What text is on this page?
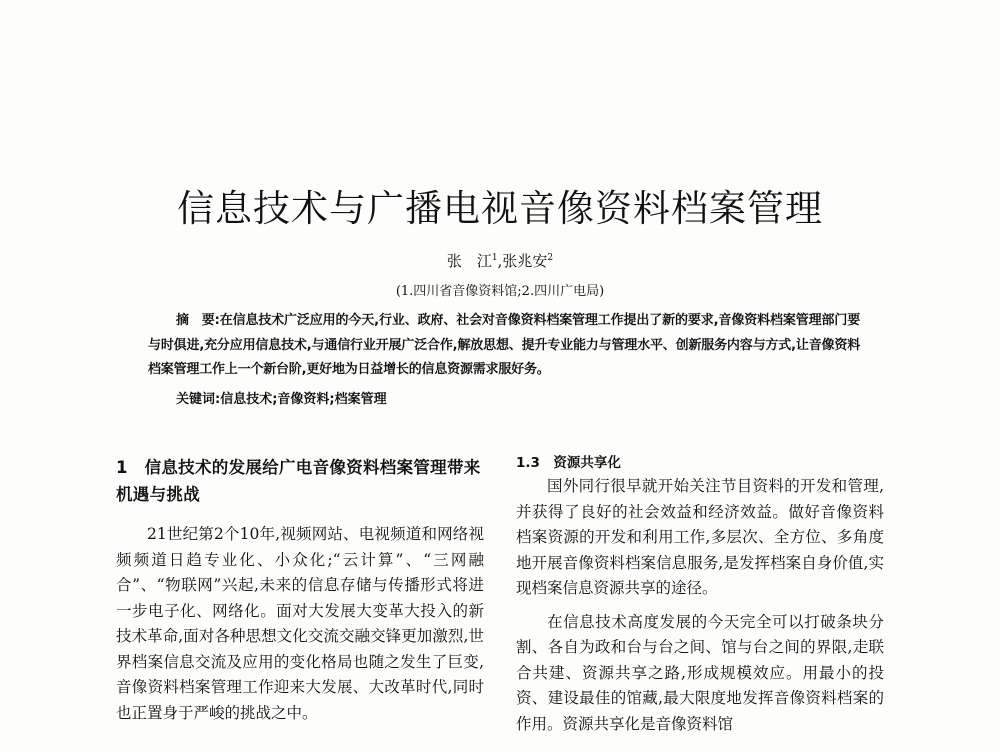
信息技术与广播电视音像资料档案管理
张　江$^1$,张兆安$^2$
(1.四川省音像资料馆;2.四川广电局)
摘　要:在信息技术广泛应用的今天,行业、政府、社会对音像资料档案管理工作提出了新的要求,音像资料档案管理部门要与时俱进,充分应用信息技术,与通信行业开展广泛合作,解放思想、提升专业能力与管理水平、创新服务内容与方式,让音像资料档案管理工作上一个新台阶,更好地为日益增长的信息资源需求服好务。
关键词:信息技术;音像资料;档案管理
1　信息技术的发展给广电音像资料档案管理带来机遇与挑战

21世纪第2个10年,视频网站、电视频道和网络视频频道日趋专业化、小众化;“云计算”、“三网融合”、“物联网”兴起,未来的信息存储与传播形式将进一步电子化、网络化。面对大发展大变革大投入的新技术革命,面对各种思想文化交流交融交锋更加激烈,世界档案信息交流及应用的变化格局也随之发生了巨变,音像资料档案管理工作迎来大发展、大改革时代,同时也正置身于严峻的挑战之中。

1.3　资源共享化

国外同行很早就开始关注节目资料的开发和管理,并获得了良好的社会效益和经济效益。做好音像资料档案资源的开发和利用工作,多层次、全方位、多角度地开展音像资料档案信息服务,是发挥档案自身价值,实现档案信息资源共享的途径。

在信息技术高度发展的今天完全可以打破条块分割、各自为政和台与台之间、馆与台之间的界限,走联合共建、资源共享之路,形成规模效应。用最小的投资、建设最佳的馆藏,最大限度地发挥音像资料档案的作用。资源共享化是音像资料馆
